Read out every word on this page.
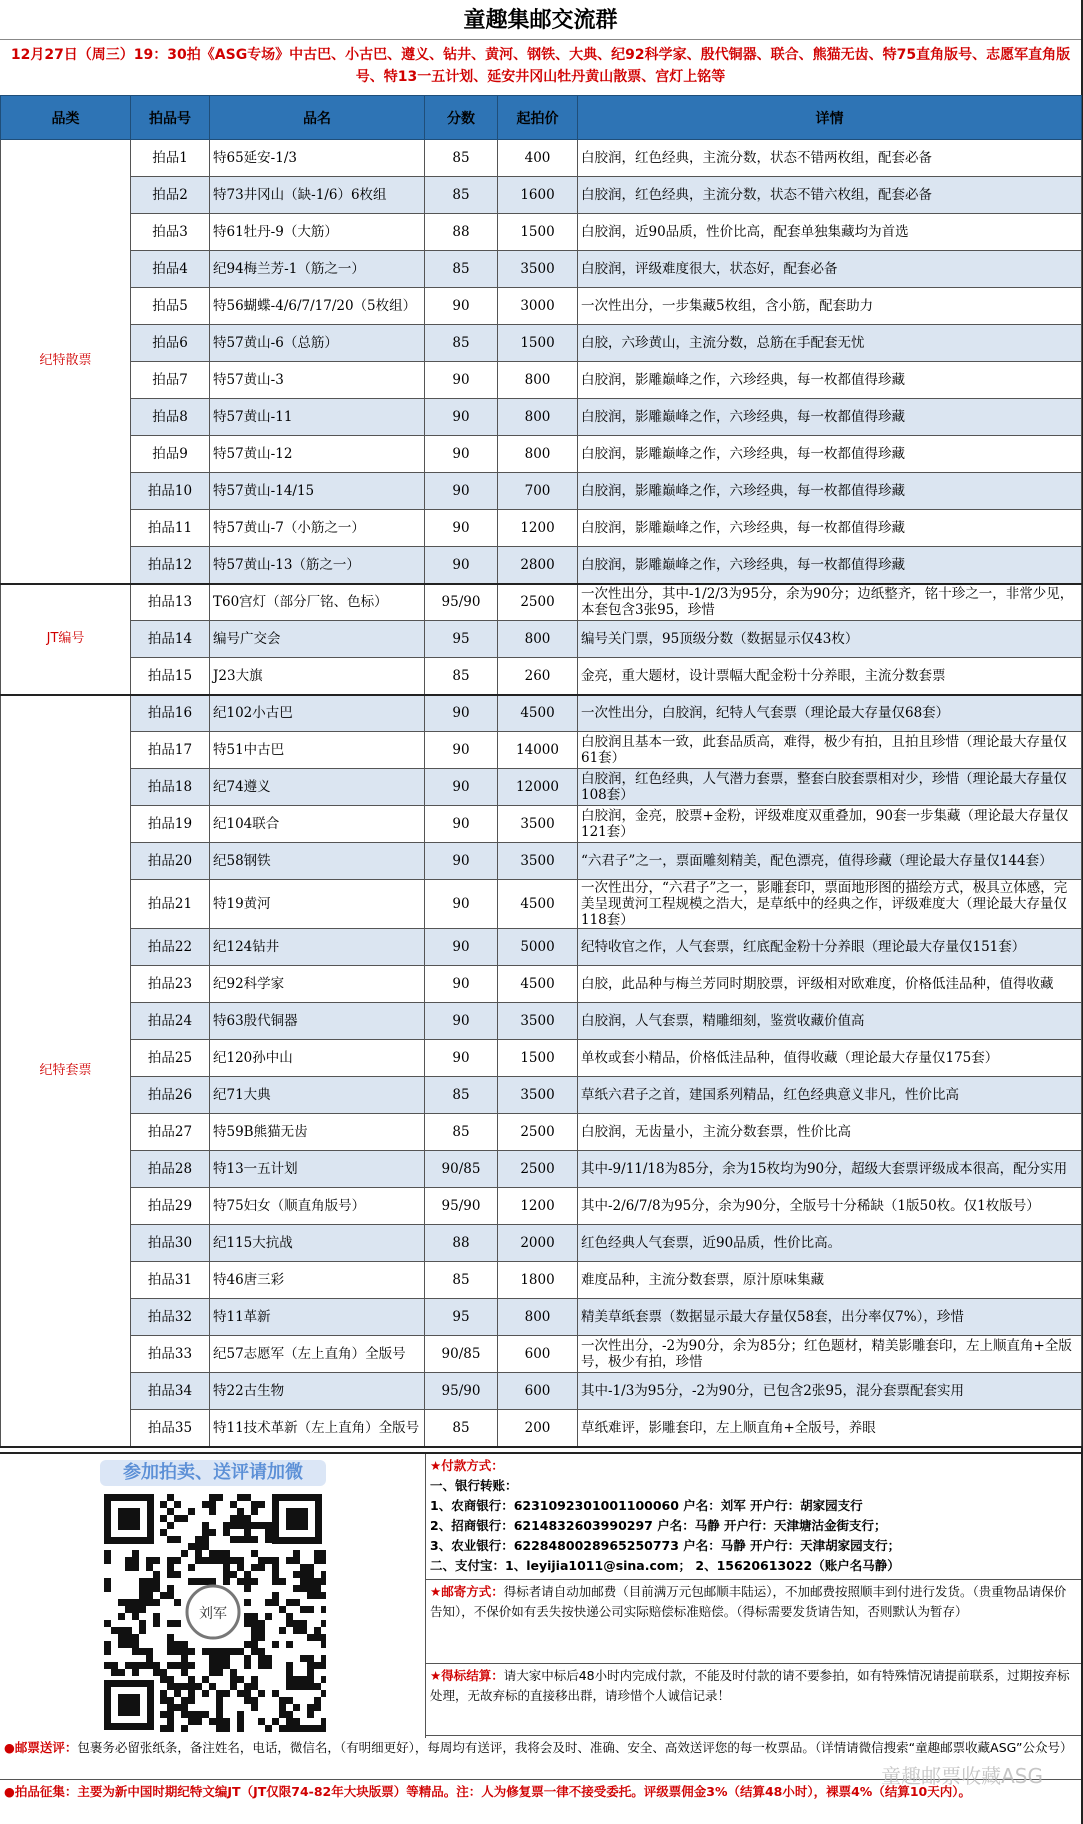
童趣集邮交流群
12月27日（周三）19：30拍《ASG专场》中古巴、小古巴、遵义、钻井、黄河、钢铁、大典、纪92科学家、殷代铜器、联合、熊猫无齿、特75直角版号、志愿军直角版号、特13一五计划、延安井冈山牡丹黄山散票、宫灯上铭等
品类	拍品号	品名	分数	起拍价	详情
纪特散票	拍品1	特65延安-1/3	85	400	白胶润，红色经典，主流分数，状态不错两枚组，配套必备
	拍品2	特73井冈山（缺-1/6）6枚组	85	1600	白胶润，红色经典，主流分数，状态不错六枚组，配套必备
	拍品3	特61牡丹-9（大筋）	88	1500	白胶润，近90品质，性价比高，配套单独集藏均为首选
	拍品4	纪94梅兰芳-1（筋之一）	85	3500	白胶润，评级难度很大，状态好，配套必备
	拍品5	特56蝴蝶-4/6/7/17/20（5枚组）	90	3000	一次性出分，一步集藏5枚组，含小筋，配套助力
	拍品6	特57黄山-6（总筋）	85	1500	白胶，六珍黄山，主流分数，总筋在手配套无忧
	拍品7	特57黄山-3	90	800	白胶润，影雕巅峰之作，六珍经典，每一枚都值得珍藏
	拍品8	特57黄山-11	90	800	白胶润，影雕巅峰之作，六珍经典，每一枚都值得珍藏
	拍品9	特57黄山-12	90	800	白胶润，影雕巅峰之作，六珍经典，每一枚都值得珍藏
	拍品10	特57黄山-14/15	90	700	白胶润，影雕巅峰之作，六珍经典，每一枚都值得珍藏
	拍品11	特57黄山-7（小筋之一）	90	1200	白胶润，影雕巅峰之作，六珍经典，每一枚都值得珍藏
	拍品12	特57黄山-13（筋之一）	90	2800	白胶润，影雕巅峰之作，六珍经典，每一枚都值得珍藏
JT编号	拍品13	T60宫灯（部分厂铭、色标）	95/90	2500	一次性出分，其中-1/2/3为95分，余为90分；边纸整齐，铭十珍之一，非常少见，本套包含3张95，珍惜
	拍品14	编号广交会	95	800	编号关门票，95顶级分数（数据显示仅43枚）
	拍品15	J23大旗	85	260	金亮，重大题材，设计票幅大配金粉十分养眼，主流分数套票
纪特套票	拍品16	纪102小古巴	90	4500	一次性出分，白胶润，纪特人气套票（理论最大存量仅68套）
	拍品17	特51中古巴	90	14000	白胶润且基本一致，此套品质高，难得，极少有拍，且拍且珍惜（理论最大存量仅61套）
	拍品18	纪74遵义	90	12000	白胶润，红色经典，人气潜力套票，整套白胶套票相对少，珍惜（理论最大存量仅108套）
	拍品19	纪104联合	90	3500	白胶润，金亮，胶票+金粉，评级难度双重叠加，90套一步集藏（理论最大存量仅121套）
	拍品20	纪58钢铁	90	3500	“六君子”之一，票面雕刻精美，配色漂亮，值得珍藏（理论最大存量仅144套）
	拍品21	特19黄河	90	4500	一次性出分，“六君子”之一，影雕套印，票面地形图的描绘方式，极具立体感，完美呈现黄河工程规模之浩大，是草纸中的经典之作，评级难度大（理论最大存量仅118套）
	拍品22	纪124钻井	90	5000	纪特收官之作，人气套票，红底配金粉十分养眼（理论最大存量仅151套）
	拍品23	纪92科学家	90	4500	白胶，此品种与梅兰芳同时期胶票，评级相对欧难度，价格低洼品种，值得收藏
	拍品24	特63殷代铜器	90	3500	白胶润，人气套票，精雕细刻，鉴赏收藏价值高
	拍品25	纪120孙中山	90	1500	单枚或套小精品，价格低洼品种，值得收藏（理论最大存量仅175套）
	拍品26	纪71大典	85	3500	草纸六君子之首，建国系列精品，红色经典意义非凡，性价比高
	拍品27	特59B熊猫无齿	85	2500	白胶润，无齿量小，主流分数套票，性价比高
	拍品28	特13一五计划	90/85	2500	其中-9/11/18为85分，余为15枚均为90分，超级大套票评级成本很高，配分实用
	拍品29	特75妇女（顺直角版号）	95/90	1200	其中-2/6/7/8为95分，余为90分，全版号十分稀缺（1版50枚。仅1枚版号）
	拍品30	纪115大抗战	88	2000	红色经典人气套票，近90品质，性价比高。
	拍品31	特46唐三彩	85	1800	难度品种，主流分数套票，原汁原味集藏
	拍品32	特11革新	95	800	精美草纸套票（数据显示最大存量仅58套，出分率仅7%），珍惜
	拍品33	纪57志愿军（左上直角）全版号	90/85	600	一次性出分，-2为90分，余为85分；红色题材，精美影雕套印，左上顺直角+全版号，极少有拍，珍惜
	拍品34	特22古生物	95/90	600	其中-1/3为95分，-2为90分，已包含2张95，混分套票配套实用
	拍品35	特11技术革新（左上直角）全版号	85	200	草纸难评，影雕套印，左上顺直角+全版号，养眼
参加拍卖、送评请加微
刘军
★付款方式：
一、银行转账：
1、农商银行：6231092301001100060 户名：刘军 开户行：胡家园支行
2、招商银行：6214832603990297 户名：马静 开户行：天津塘沽金街支行；
3、农业银行：6228480028965250773 户名：马静 开户行：天津胡家园支行；
二、支付宝：1、leyijia1011@sina.com； 2、15620613022（账户名马静）
★邮寄方式：得标者请自动加邮费（目前满万元包邮顺丰陆运），不加邮费按照顺丰到付进行发货。（贵重物品请保价告知），不保价如有丢失按快递公司实际赔偿标准赔偿。（得标需要发货请告知，否则默认为暂存）
★得标结算：请大家中标后48小时内完成付款，不能及时付款的请不要参拍，如有特殊情况请提前联系，过期按弃标处理，无故弃标的直接移出群，请珍惜个人诚信记录！
●邮票送评：包裹务必留张纸条，备注姓名，电话，微信名，（有明细更好），每周均有送评，我将会及时、准确、安全、高效送评您的每一枚票品。（详情请微信搜索“童趣邮票收藏ASG”公众号）
●拍品征集：主要为新中国时期纪特文编JT（JT仅限74-82年大块版票）等精品。注：人为修复票一律不接受委托。评级票佣金3%（结算48小时），裸票4%（结算10天内）。
童趣邮票收藏ASG
